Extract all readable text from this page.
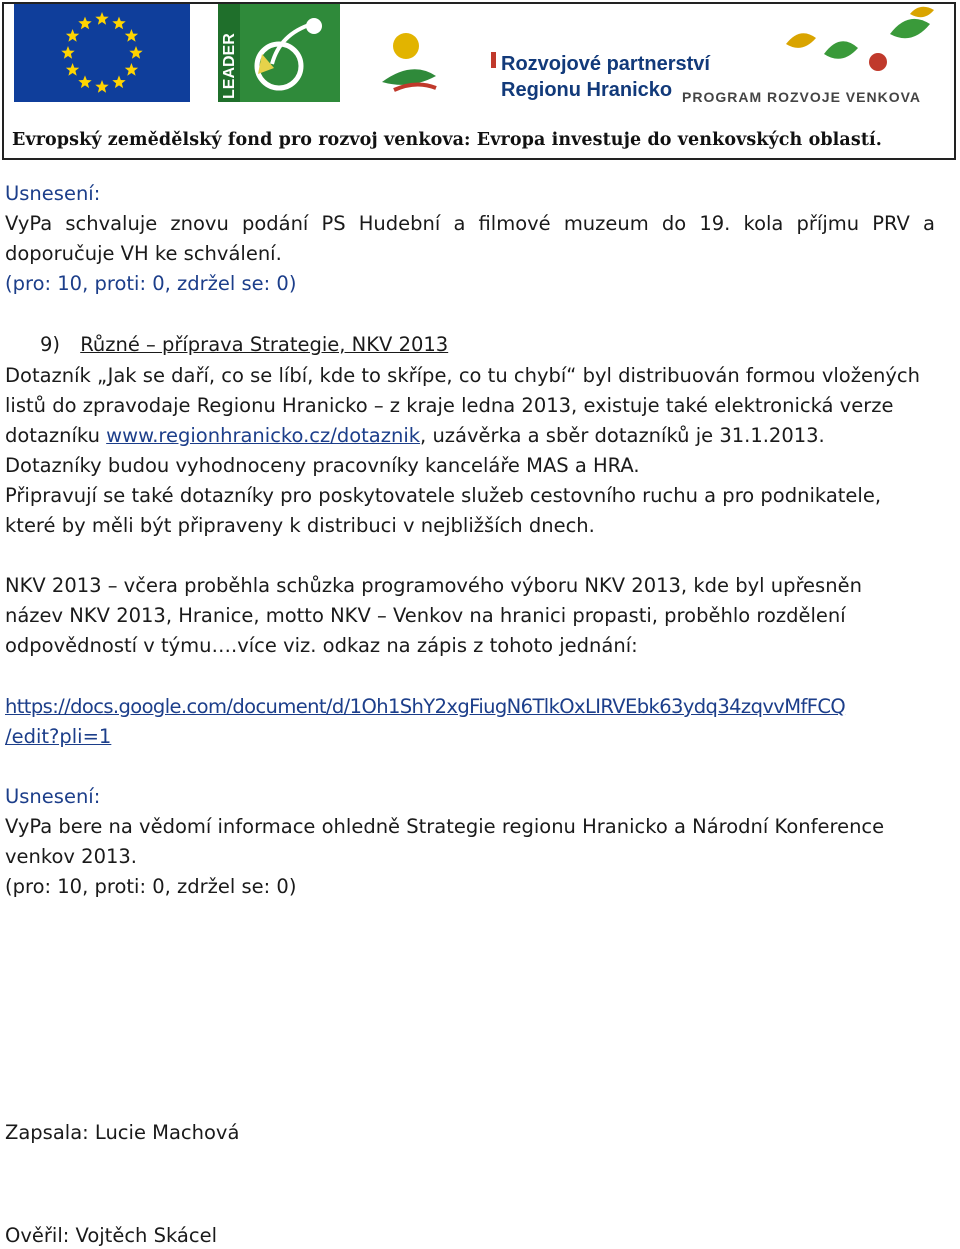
LEADER	Rozvojové partnerství
Regionu Hranicko PROGRAM ROZVOJE VENKOVA
Evropský zemědělský fond pro rozvoj venkova: Evropa investuje do venkovských oblastí.
Usnesení:
VyPa schvaluje znovu podání PS Hudební a filmové muzeum do 19. kola příjmu PRV a
doporučuje VH ke schválení.
(pro: 10, proti: 0, zdržel se: 0)
9) Různé – příprava Strategie, NKV 2013
Dotazník „Jak se daří, co se líbí, kde to skřípe, co tu chybí“ byl distribuován formou vložených
listů do zpravodaje Regionu Hranicko – z kraje ledna 2013, existuje také elektronická verze
dotazníku www.regionhranicko.cz/dotaznik, uzávěrka a sběr dotazníků je 31.1.2013.
Dotazníky budou vyhodnoceny pracovníky kanceláře MAS a HRA.
Připravují se také dotazníky pro poskytovatele služeb cestovního ruchu a pro podnikatele,
které by měli být připraveny k distribuci v nejbližších dnech.
NKV 2013 – včera proběhla schůzka programového výboru NKV 2013, kde byl upřesněn
název NKV 2013, Hranice, motto NKV – Venkov na hranici propasti, proběhlo rozdělení
odpovědností v týmu….více viz. odkaz na zápis z tohoto jednání:
https://docs.google.com/document/d/1Oh1ShY2xgFiugN6TlkOxLIRVEbk63ydq34zqvvMfFCQ
/edit?pli=1
Usnesení:
VyPa bere na vědomí informace ohledně Strategie regionu Hranicko a Národní Konference
venkov 2013.
(pro: 10, proti: 0, zdržel se: 0)
Zapsala: Lucie Machová
Ověřil: Vojtěch Skácel
